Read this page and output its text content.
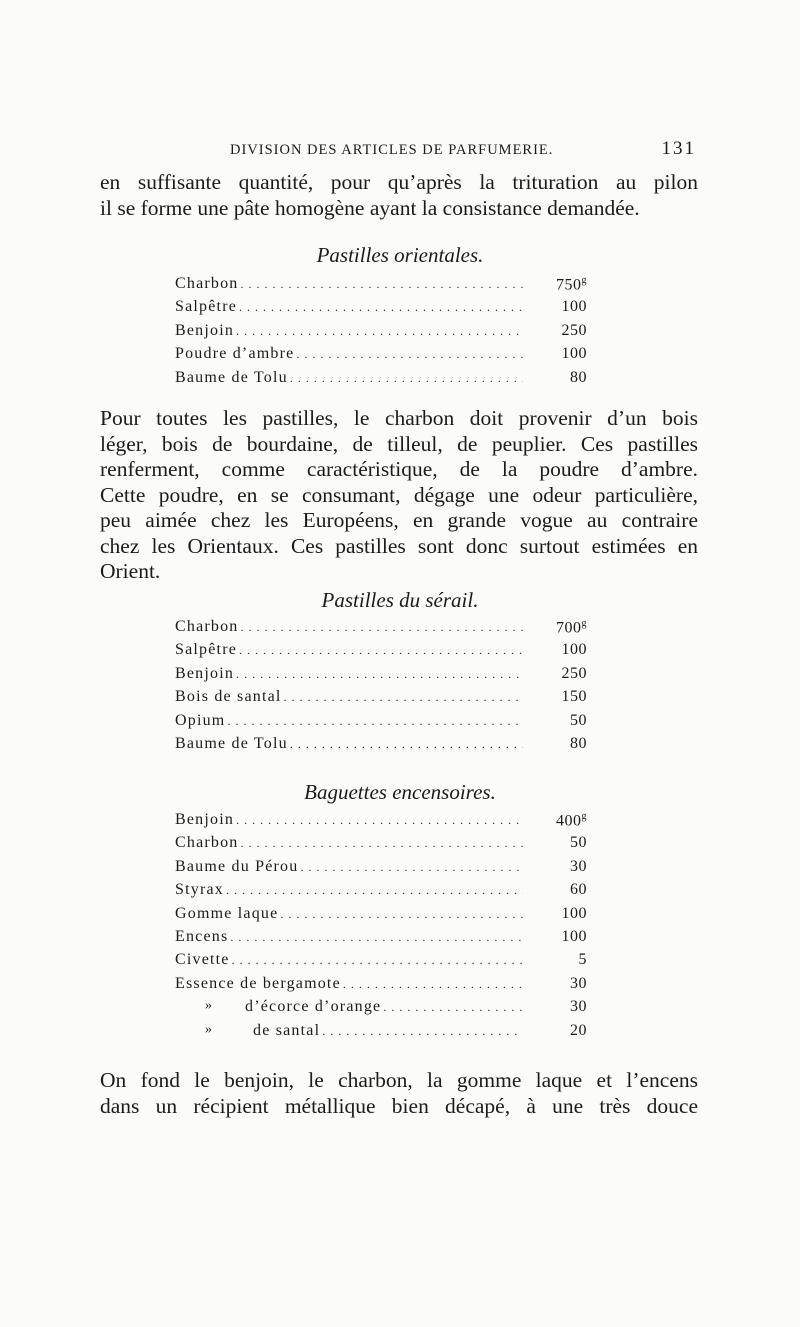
DIVISION DES ARTICLES DE PARFUMERIE.	131
en suffisante quantité, pour qu’après la trituration au pilon
il se forme une pâte homogène ayant la consistance demandée.
Pastilles orientales.
Charbon . . .	750$^g$
Salpêtre . . .	100
Benjoin . . .	250
Poudre d’ambre . . .	100
Baume de Tolu . . .	80
Pour toutes les pastilles, le charbon doit provenir d’un bois
léger, bois de bourdaine, de tilleul, de peuplier. Ces pastilles
renferment, comme caractéristique, de la poudre d’ambre.
Cette poudre, en se consumant, dégage une odeur particulière,
peu aimée chez les Européens, en grande vogue au contraire
chez les Orientaux. Ces pastilles sont donc surtout estimées en
Orient.
Pastilles du sérail.
Charbon . . .	700$^g$
Salpêtre . . .	100
Benjoin . . .	250
Bois de santal . . .	150
Opium . . .	50
Baume de Tolu . . .	80
Baguettes encensoires.
Benjoin . . .	400$^g$
Charbon . . .	50
Baume du Pérou . . .	30
Styrax . . .	60
Gomme laque . . .	100
Encens . . .	100
Civette . . .	5
Essence de bergamote . . .	30
» d’écorce d’orange . . .	30
» de santal . . .	20
On fond le benjoin, le charbon, la gomme laque et l’encens
dans un récipient métallique bien décapé, à une très douce
